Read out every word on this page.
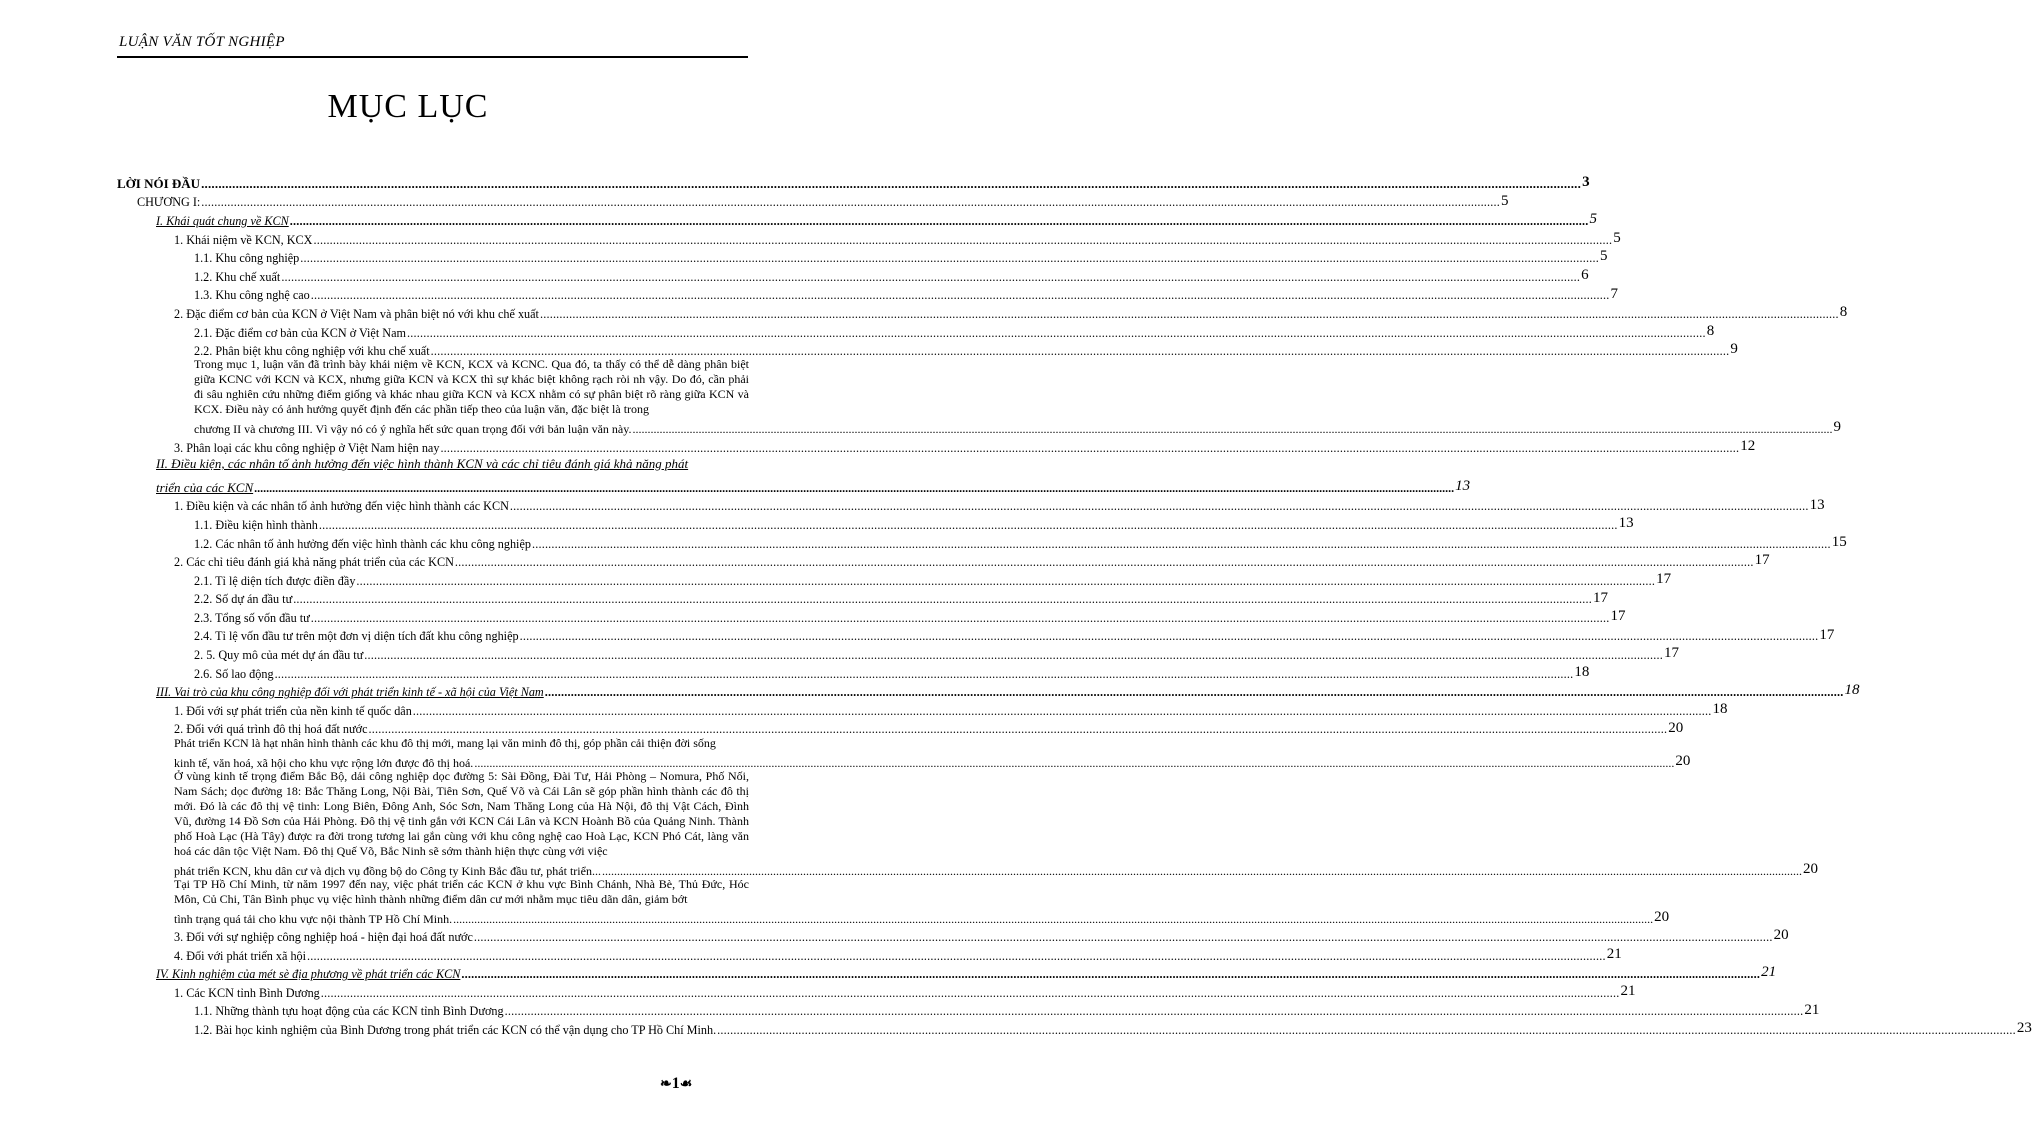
LUẬN VĂN TỐT NGHIỆP
MỤC LỤC
LỜI NÓI ĐẦU ................................................................................................................................................................................................................................................................................................................................................................................................................ 3
CHƯƠNG I: ................................................................................................................................................................................................................................................................................................................................................................................................................ 5
I. Khái quát chung về KCN ................................................................................................................................................................................................................................................................................................................................................................................................................ 5
1. Khái niệm về KCN, KCX ................................................................................................................................................................................................................................................................................................................................................................................................................ 5
1.1. Khu công nghiệp ................................................................................................................................................................................................................................................................................................................................................................................................................ 5
1.2. Khu chế xuất ................................................................................................................................................................................................................................................................................................................................................................................................................ 6
1.3. Khu công nghệ cao ................................................................................................................................................................................................................................................................................................................................................................................................................ 7
2. Đặc điểm cơ bản của KCN ở Việt Nam và phân biệt nó với khu chế xuất ................................................................................................................................................................................................................................................................................................................................................................................................................ 8
2.1. Đặc điểm cơ bản của KCN ở Việt Nam ................................................................................................................................................................................................................................................................................................................................................................................................................ 8
2.2. Phân biệt khu công nghiệp với khu chế xuất ................................................................................................................................................................................................................................................................................................................................................................................................................ 9
Trong mục 1, luận văn đã trình bày khái niệm về KCN, KCX và KCNC. Qua đó, ta thấy có thể dễ dàng phân biệt giữa KCNC với KCN và KCX, nhưng giữa KCN và KCX thì sự khác biệt không rạch ròi nh vậy. Do đó, cần phải đi sâu nghiên cứu những điểm giống và khác nhau giữa KCN và KCX nhằm có sự phân biệt rõ ràng giữa KCN và KCX. Điều này có ảnh hưởng quyết định đến các phần tiếp theo của luận văn, đặc biệt là trong
chương II và chương III. Vì vậy nó có ý nghĩa hết sức quan trọng đối với bản luận văn này. ................................................................................................................................................................................................................................................................................................................................................................................................................ 9
3. Phân loại các khu công nghiệp ở Việt Nam hiện nay ................................................................................................................................................................................................................................................................................................................................................................................................................ 12
II. Điều kiện, các nhân tố ảnh hưởng đến việc hình thành KCN và các chỉ tiêu đánh giá khả năng phát
triển của các KCN ................................................................................................................................................................................................................................................................................................................................................................................................................ 13
1. Điều kiện và các nhân tố ảnh hưởng đến việc hình thành các KCN ................................................................................................................................................................................................................................................................................................................................................................................................................ 13
1.1. Điều kiện hình thành ................................................................................................................................................................................................................................................................................................................................................................................................................ 13
1.2. Các nhân tố ảnh hưởng đến việc hình thành các khu công nghiệp ................................................................................................................................................................................................................................................................................................................................................................................................................ 15
2. Các chỉ tiêu đánh giá khả năng phát triển của các KCN ................................................................................................................................................................................................................................................................................................................................................................................................................ 17
2.1. Tỉ lệ diện tích được điền đầy ................................................................................................................................................................................................................................................................................................................................................................................................................ 17
2.2. Số dự án đầu tư ................................................................................................................................................................................................................................................................................................................................................................................................................ 17
2.3. Tổng số vốn đầu tư ................................................................................................................................................................................................................................................................................................................................................................................................................ 17
2.4. Tỉ lệ vốn đầu tư trên một đơn vị diện tích đất khu công nghiệp ................................................................................................................................................................................................................................................................................................................................................................................................................ 17
2. 5. Quy mô của mét dự án đầu tư ................................................................................................................................................................................................................................................................................................................................................................................................................ 17
2.6. Số lao động ................................................................................................................................................................................................................................................................................................................................................................................................................ 18
III. Vai trò của khu công nghiệp đối với phát triển kinh tế - xã hội của Việt Nam ................................................................................................................................................................................................................................................................................................................................................................................................................ 18
1. Đối với sự phát triển của nền kinh tế quốc dân ................................................................................................................................................................................................................................................................................................................................................................................................................ 18
2. Đối với quá trình đô thị hoá đất nước ................................................................................................................................................................................................................................................................................................................................................................................................................ 20
Phát triển KCN là hạt nhân hình thành các khu đô thị mới, mang lại văn minh đô thị, góp phần cải thiện đời sống
kinh tế, văn hoá, xã hội cho khu vực rộng lớn được đô thị hoá. ................................................................................................................................................................................................................................................................................................................................................................................................................ 20
Ở vùng kinh tế trọng điểm Bắc Bộ, dải công nghiệp dọc đường 5: Sài Đồng, Đài Tư, Hải Phòng – Nomura, Phố Nối, Nam Sách; dọc đường 18: Bắc Thăng Long, Nội Bài, Tiên Sơn, Quế Võ và Cái Lân sẽ góp phần hình thành các đô thị mới. Đó là các đô thị vệ tinh: Long Biên, Đông Anh, Sóc Sơn, Nam Thăng Long của Hà Nội, đô thị Vật Cách, Đình Vũ, đường 14 Đồ Sơn của Hải Phòng. Đô thị vệ tinh gắn với KCN Cái Lân và KCN Hoành Bồ của Quảng Ninh. Thành phố Hoà Lạc (Hà Tây) được ra đời trong tương lai gắn cùng với khu công nghệ cao Hoà Lạc, KCN Phó Cát, làng văn hoá các dân tộc Việt Nam. Đô thị Quế Võ, Bắc Ninh sẽ sớm thành hiện thực cùng với việc
phát triển KCN, khu dân cư và dịch vụ đồng bộ do Công ty Kinh Bắc đầu tư, phát triển... ................................................................................................................................................................................................................................................................................................................................................................................................................ 20
Tại TP Hồ Chí Minh, từ năm 1997 đến nay, việc phát triển các KCN ở khu vực Bình Chánh, Nhà Bè, Thủ Đức, Hóc Môn, Củ Chi, Tân Bình phục vụ việc hình thành những điểm dân cư mới nhằm mục tiêu dãn dân, giảm bớt
tình trạng quá tải cho khu vực nội thành TP Hồ Chí Minh. ................................................................................................................................................................................................................................................................................................................................................................................................................ 20
3. Đối với sự nghiệp công nghiệp hoá - hiện đại hoá đất nước ................................................................................................................................................................................................................................................................................................................................................................................................................ 20
4. Đối với phát triển xã hội ................................................................................................................................................................................................................................................................................................................................................................................................................ 21
IV. Kinh nghiệm của mét sè địa phương về phát triển các KCN ................................................................................................................................................................................................................................................................................................................................................................................................................ 21
1. Các KCN tỉnh Bình Dương ................................................................................................................................................................................................................................................................................................................................................................................................................ 21
1.1. Những thành tựu hoạt động của các KCN tỉnh Bình Dương ................................................................................................................................................................................................................................................................................................................................................................................................................ 21
1.2. Bài học kinh nghiệm của Bình Dương trong phát triển các KCN có thể vận dụng cho TP Hồ Chí Minh. ................................................................................................................................................................................................................................................................................................................................................................................................................ 23
❧1☙
